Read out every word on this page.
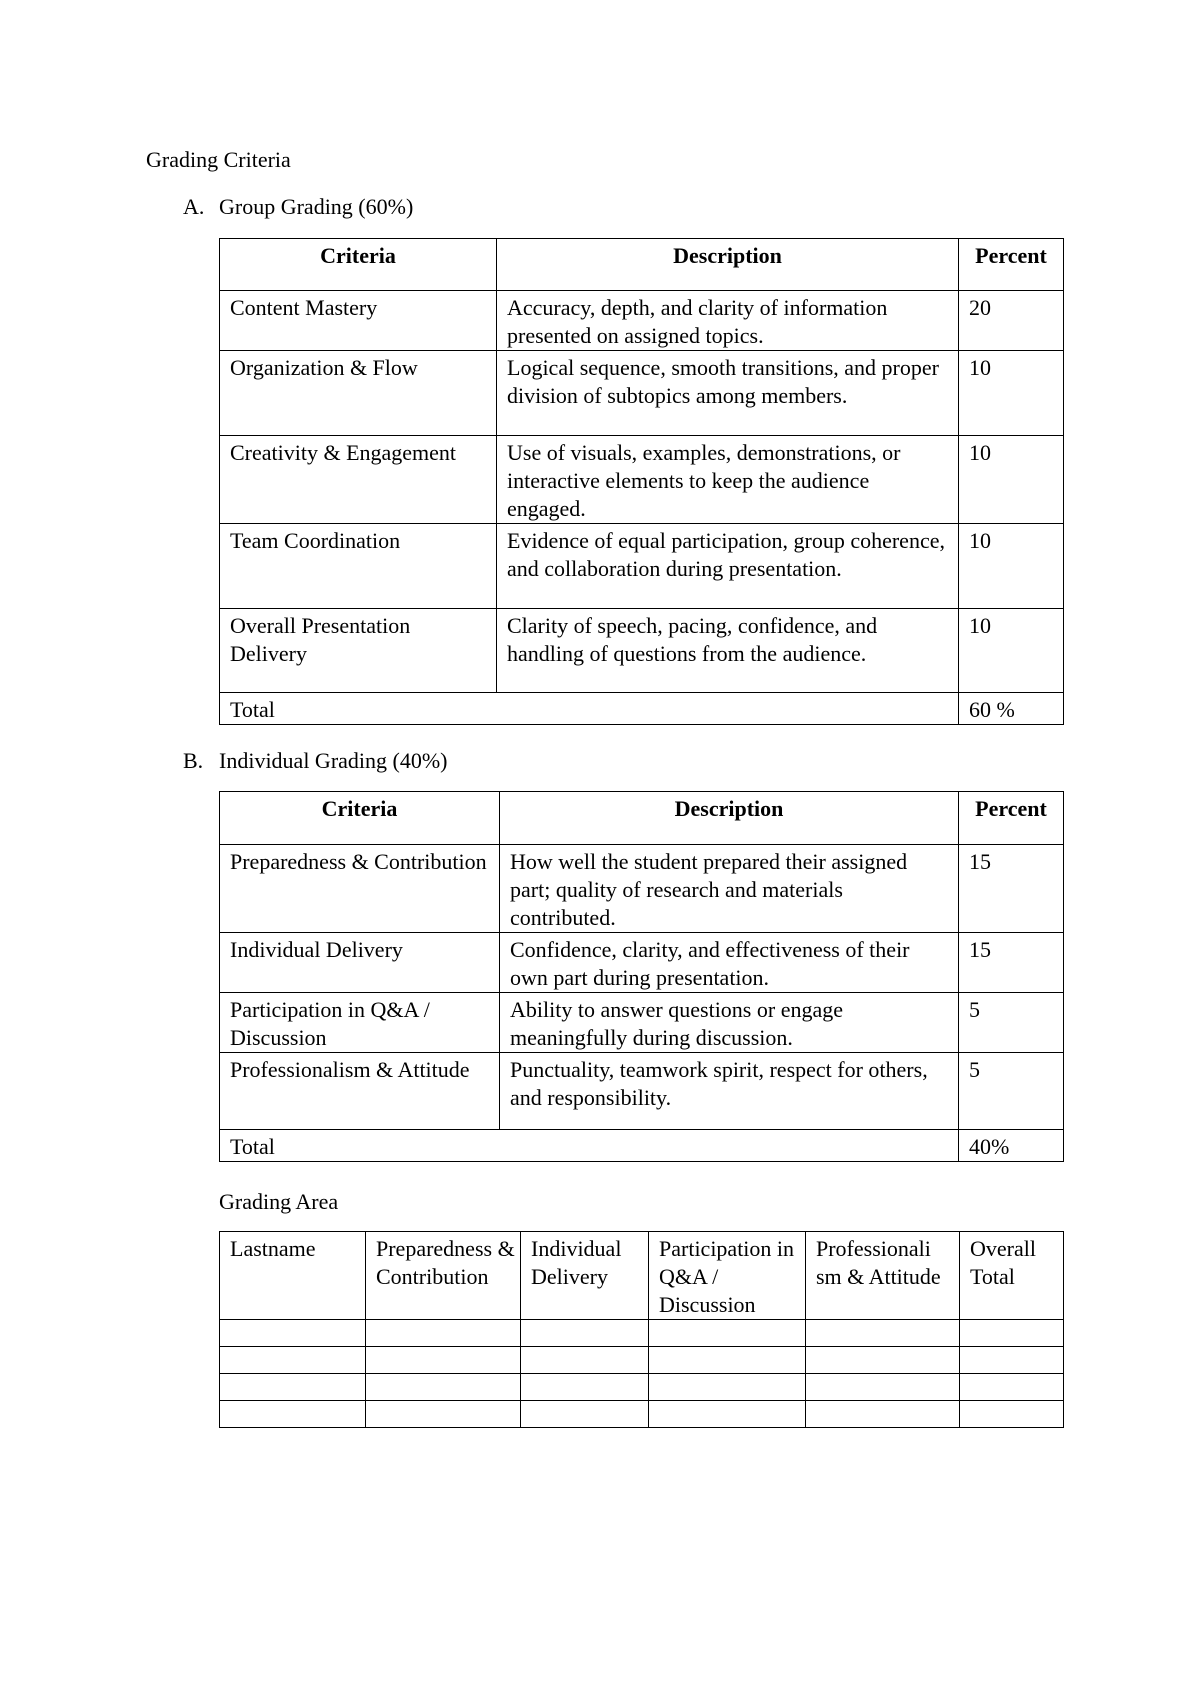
Grading Criteria
A. Group Grading (60%)
Criteria	Description	Percent
Content Mastery	Accuracy, depth, and clarity of information presented on assigned topics.	20
Organization & Flow	Logical sequence, smooth transitions, and proper division of subtopics among members.	10
Creativity & Engagement	Use of visuals, examples, demonstrations, or interactive elements to keep the audience engaged.	10
Team Coordination	Evidence of equal participation, group coherence, and collaboration during presentation.	10
Overall Presentation Delivery	Clarity of speech, pacing, confidence, and handling of questions from the audience.	10
Total		60 %
B. Individual Grading (40%)
Criteria	Description	Percent
Preparedness & Contribution	How well the student prepared their assigned part; quality of research and materials contributed.	15
Individual Delivery	Confidence, clarity, and effectiveness of their own part during presentation.	15
Participation in Q&A / Discussion	Ability to answer questions or engage meaningfully during discussion.	5
Professionalism & Attitude	Punctuality, teamwork spirit, respect for others, and responsibility.	5
Total		40%
Grading Area
Lastname	Preparedness & Contribution	Individual Delivery	Participation in Q&A / Discussion	Professionali sm & Attitude	Overall Total
